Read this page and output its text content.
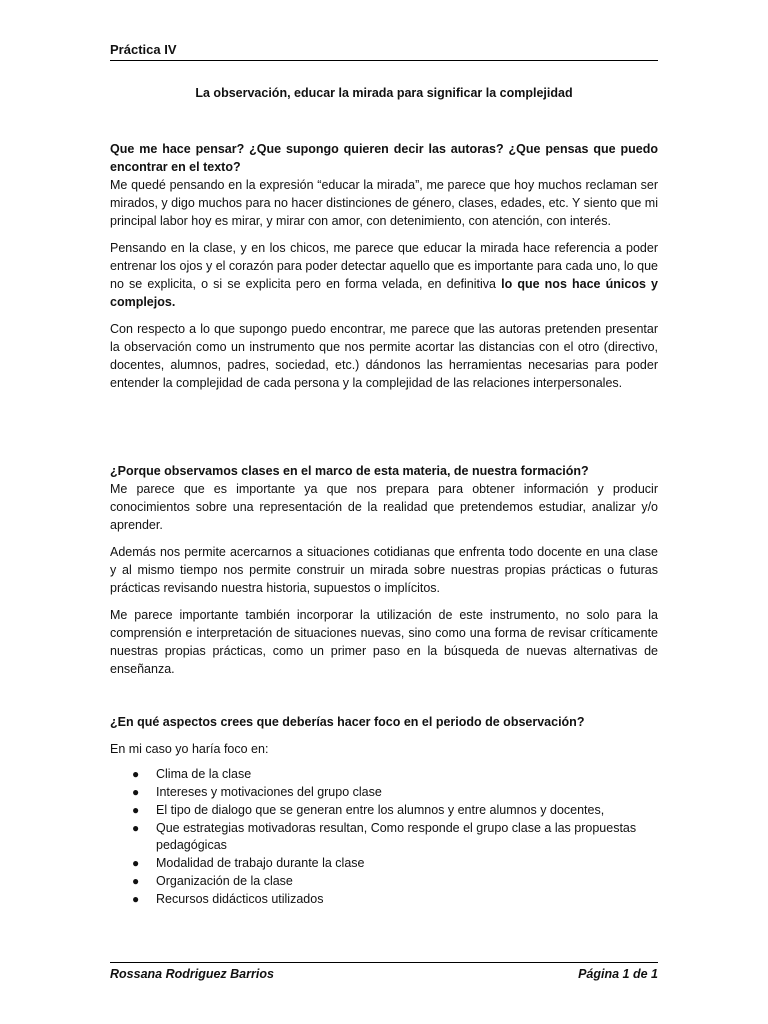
Práctica IV
La observación, educar la mirada para significar la complejidad

Que me hace pensar? ¿Que supongo quieren decir las autoras? ¿Que pensas que puedo encontrar en el texto?

Me quedé pensando en la expresión “educar la mirada”, me parece que hoy muchos reclaman ser mirados, y digo muchos para no hacer distinciones de género, clases, edades, etc. Y siento que mi principal labor hoy es mirar, y mirar con amor, con detenimiento, con atención, con interés.

Pensando en la clase, y en los chicos, me parece que educar la mirada hace referencia a poder entrenar los ojos y el corazón para poder detectar aquello que es importante para cada uno, lo que no se explicita, o si se explicita pero en forma velada, en definitiva lo que nos hace únicos y complejos.

Con respecto a lo que supongo puedo encontrar, me parece que las autoras pretenden presentar la observación como un instrumento que nos permite acortar las distancias con el otro (directivo, docentes, alumnos, padres, sociedad, etc.) dándonos las herramientas necesarias para poder entender la complejidad de cada persona y la complejidad de las relaciones interpersonales.

¿Porque observamos clases en el marco de esta materia, de nuestra formación?

Me parece que es importante ya que nos prepara para obtener información y producir conocimientos sobre una representación de la realidad que pretendemos estudiar, analizar y/o aprender.

Además nos permite acercarnos a situaciones cotidianas que enfrenta todo docente en una clase y al mismo tiempo nos permite construir un mirada sobre nuestras propias prácticas o futuras prácticas revisando nuestra historia, supuestos o implícitos.

Me parece importante también incorporar la utilización de este instrumento, no solo para la comprensión e interpretación de situaciones nuevas, sino como una forma de revisar críticamente nuestras propias prácticas, como un primer paso en la búsqueda de nuevas alternativas de enseñanza.

¿En qué aspectos crees que deberías hacer foco en el periodo de observación?

En mi caso yo haría foco en:

● Clima de la clase
● Intereses y motivaciones del grupo clase
● El tipo de dialogo que se generan entre los alumnos y entre alumnos y docentes,
● Que estrategias motivadoras resultan, Como responde el grupo clase a las propuestas pedagógicas
● Modalidad de trabajo durante la clase
● Organización de la clase
● Recursos didácticos utilizados
Rossana Rodriguez Barrios	Página 1 de 1
